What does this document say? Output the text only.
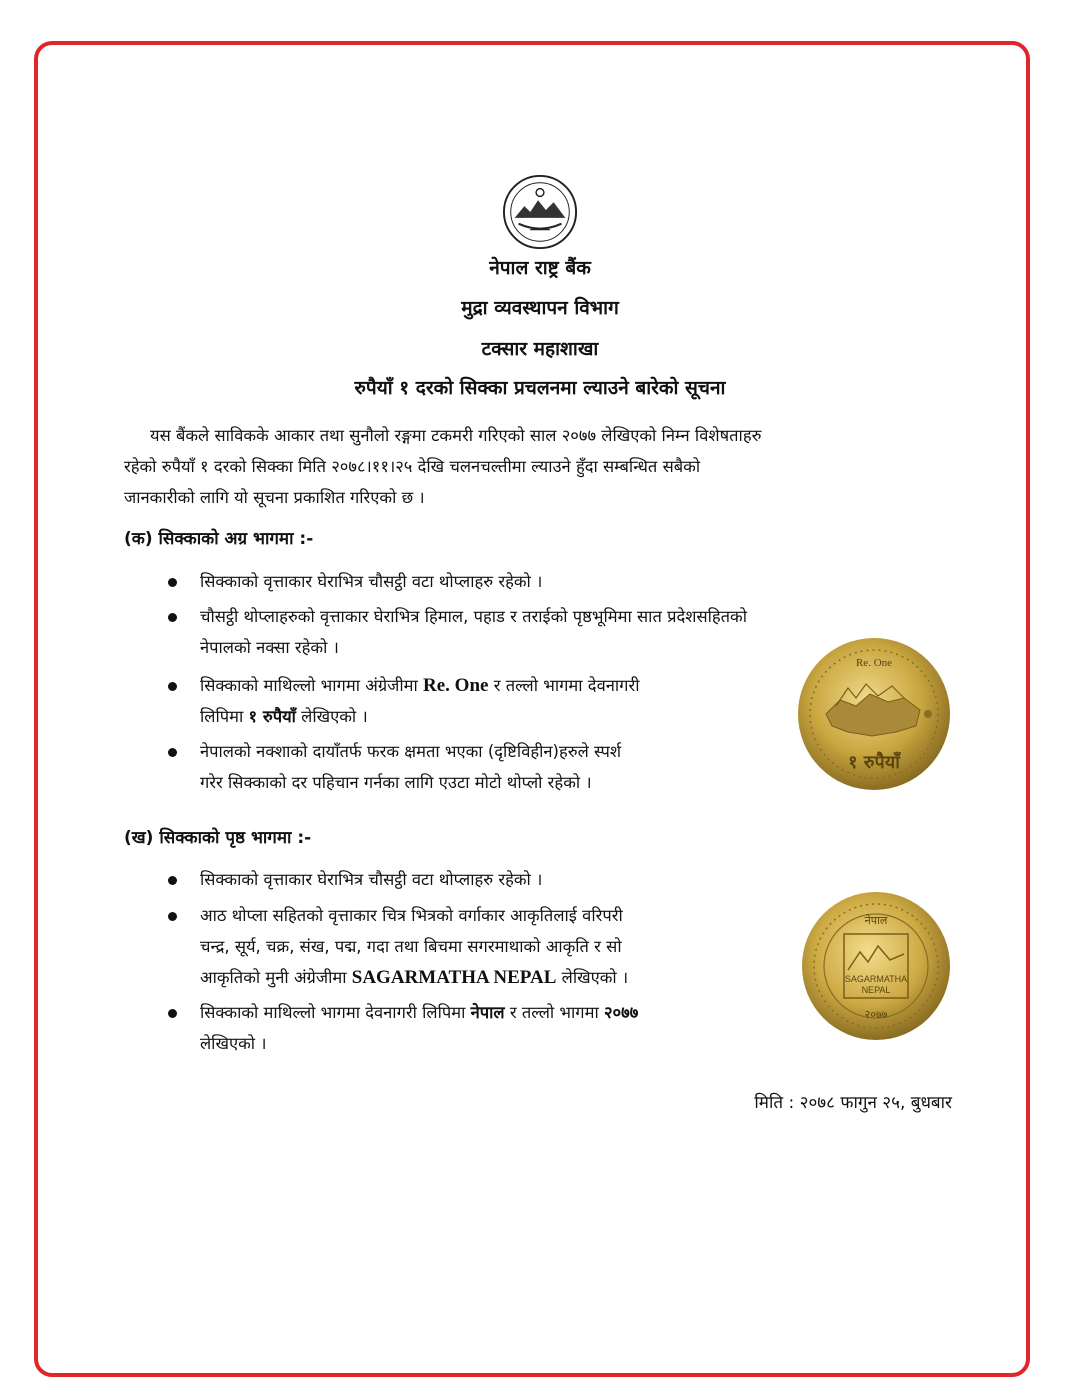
नेपाल राष्ट्र बैंक
मुद्रा व्यवस्थापन विभाग
टक्सार महाशाखा
रुपैयाँ १ दरको सिक्का प्रचलनमा ल्याउने बारेको सूचना
यस बैंकले साविकके आकार तथा सुनौलो रङ्गमा टकमरी गरिएको साल २०७७ लेखिएको निम्न विशेषताहरु
रहेको रुपैयाँ १ दरको सिक्का मिति २०७८।११।२५ देखि चलनचल्तीमा ल्याउने हुँदा सम्बन्धित सबैको
जानकारीको लागि यो सूचना प्रकाशित गरिएको छ ।
(क) सिक्काको अग्र भागमा :-
सिक्काको वृत्ताकार घेराभित्र चौसट्ठी वटा थोप्लाहरु रहेको ।
चौसट्ठी थोप्लाहरुको वृत्ताकार घेराभित्र हिमाल, पहाड र तराईको पृष्ठभूमिमा सात प्रदेशसहितको
नेपालको नक्सा रहेको ।
सिक्काको माथिल्लो भागमा अंग्रेजीमा Re. One र तल्लो भागमा देवनागरी
लिपिमा १ रुपैयाँ लेखिएको ।
नेपालको नक्शाको दायाँतर्फ फरक क्षमता भएका (दृष्टिविहीन)हरुले स्पर्श
गरेर सिक्काको दर पहिचान गर्नका लागि एउटा मोटो थोप्लो रहेको ।
Re. One
१ रुपैयाँ
(ख) सिक्काको पृष्ठ भागमा :-
सिक्काको वृत्ताकार घेराभित्र चौसट्ठी वटा थोप्लाहरु रहेको ।
आठ थोप्ला सहितको वृत्ताकार चित्र भित्रको वर्गाकार आकृतिलाई वरिपरी
चन्द्र, सूर्य, चक्र, संख, पद्म, गदा तथा बिचमा सगरमाथाको आकृति र सो
आकृतिको मुनी अंग्रेजीमा SAGARMATHA NEPAL लेखिएको ।
सिक्काको माथिल्लो भागमा देवनागरी लिपिमा नेपाल र तल्लो भागमा २०७७
लेखिएको ।
नेपाल
SAGARMATHA
NEPAL
२०७७
मिति : २०७८ फागुन २५, बुधबार
